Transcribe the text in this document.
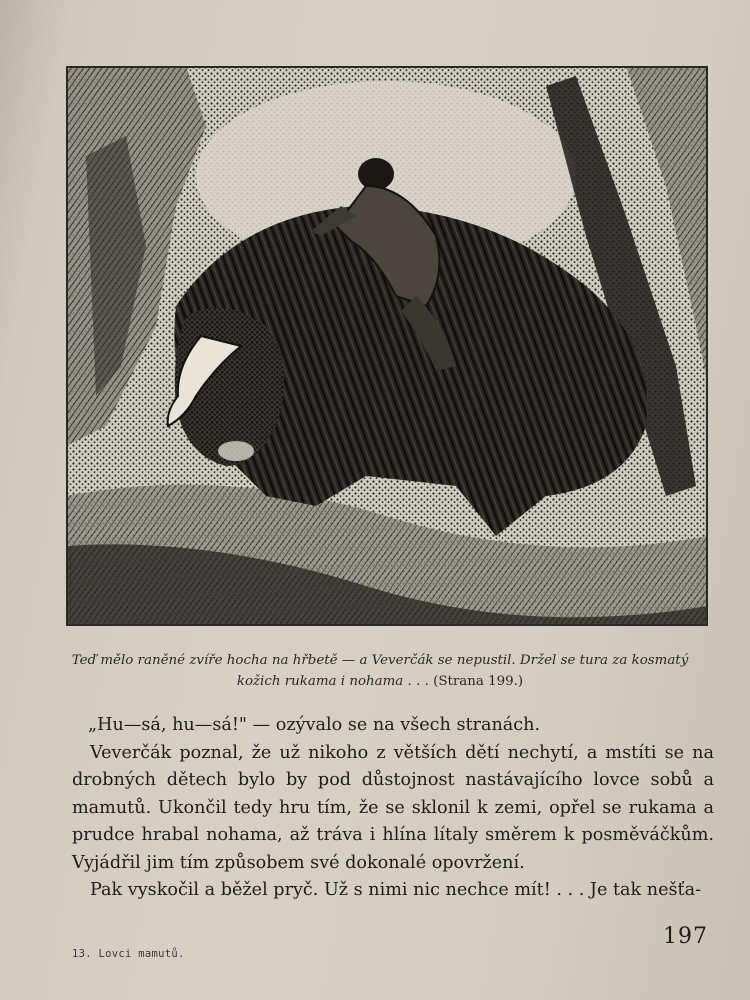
Teď mělo raněné zvíře hocha na hřbetě — a Veverčák se nepustil. Držel se tura za kosmatý kožich rukama i nohama . . . (Strana 199.)

„Hu—sá, hu—sá!" — ozývalo se na všech stranách.

Veverčák poznal, že už nikoho z větších dětí nechytí, a mstíti se na drobných dětech bylo by pod důstojnost nastávajícího lovce sobů a mamutů. Ukončil tedy hru tím, že se sklonil k zemi, opřel se rukama a prudce hrabal nohama, až tráva i hlína lítaly směrem k posměváčkům. Vyjádřil jim tím způsobem své dokonalé opovržení.

Pak vyskočil a běžel pryč. Už s nimi nic nechce mít! . . . Je tak nešťa-

13. Lovci mamutů.
197
